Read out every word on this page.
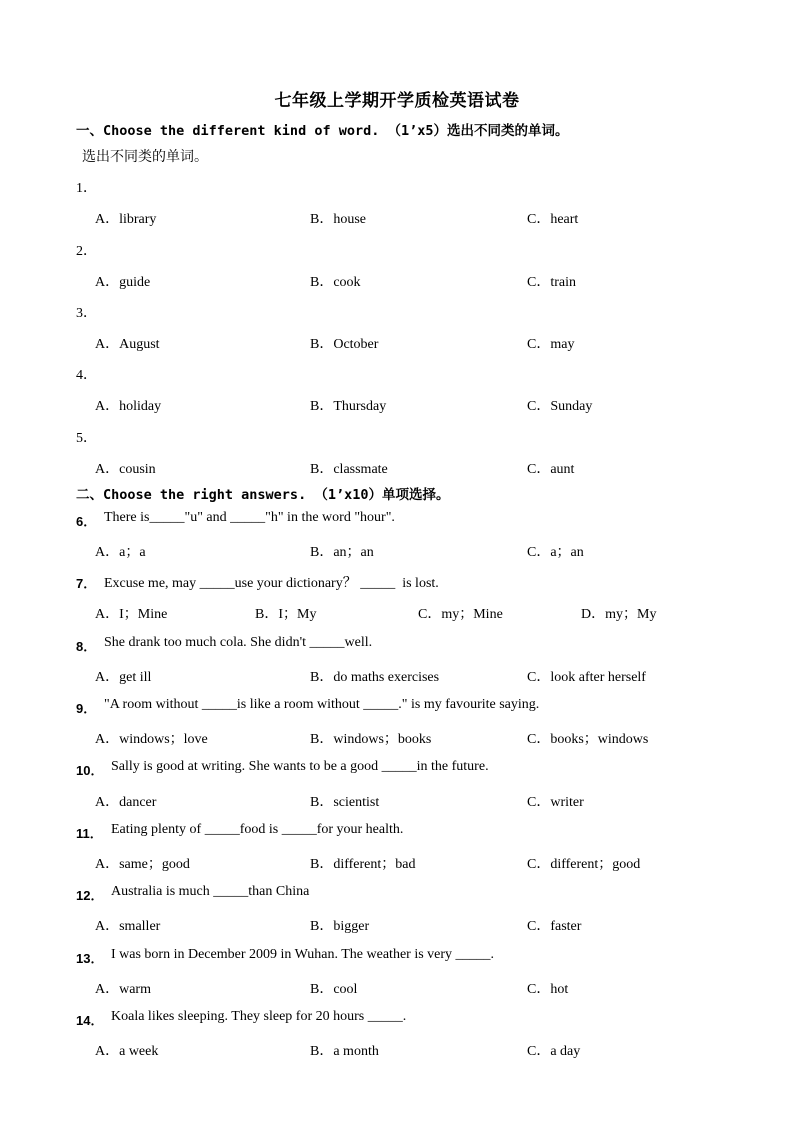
七年级上学期开学质检英语试卷
一、Choose the different kind of word. （1’x5）选出不同类的单词。
选出不同类的单词。
1．
A．library	B．house	C．heart
2．
A．guide	B．cook	C．train
3．
A．August	B．October	C．may
4．
A．holiday	B．Thursday	C．Sunday
5．
A．cousin	B．classmate	C．aunt
二、Choose the right answers. （1’x10）单项选择。
6． There is_____"u" and _____"h" in the word "hour".
A．a；a	B．an；an	C．a；an
7． Excuse me, may _____use your dictionary？ _____  is lost.
A．I；Mine	B．I；My	C．my；Mine	D．my；My
8． She drank too much cola. She didn't _____well.
A．get ill	B．do maths exercises	C．look after herself
9． "A room without _____is like a room without _____." is my favourite saying.
A．windows；love	B．windows；books	C．books；windows
10． Sally is good at writing. She wants to be a good _____in the future.
A．dancer	B．scientist	C．writer
11． Eating plenty of _____food is _____for your health.
A．same；good	B．different；bad	C．different；good
12． Australia is much _____than China
A．smaller	B．bigger	C．faster
13． I was born in December 2009 in Wuhan. The weather is very _____.
A．warm	B．cool	C．hot
14． Koala likes sleeping. They sleep for 20 hours _____.
A．a week	B．a month	C．a day
